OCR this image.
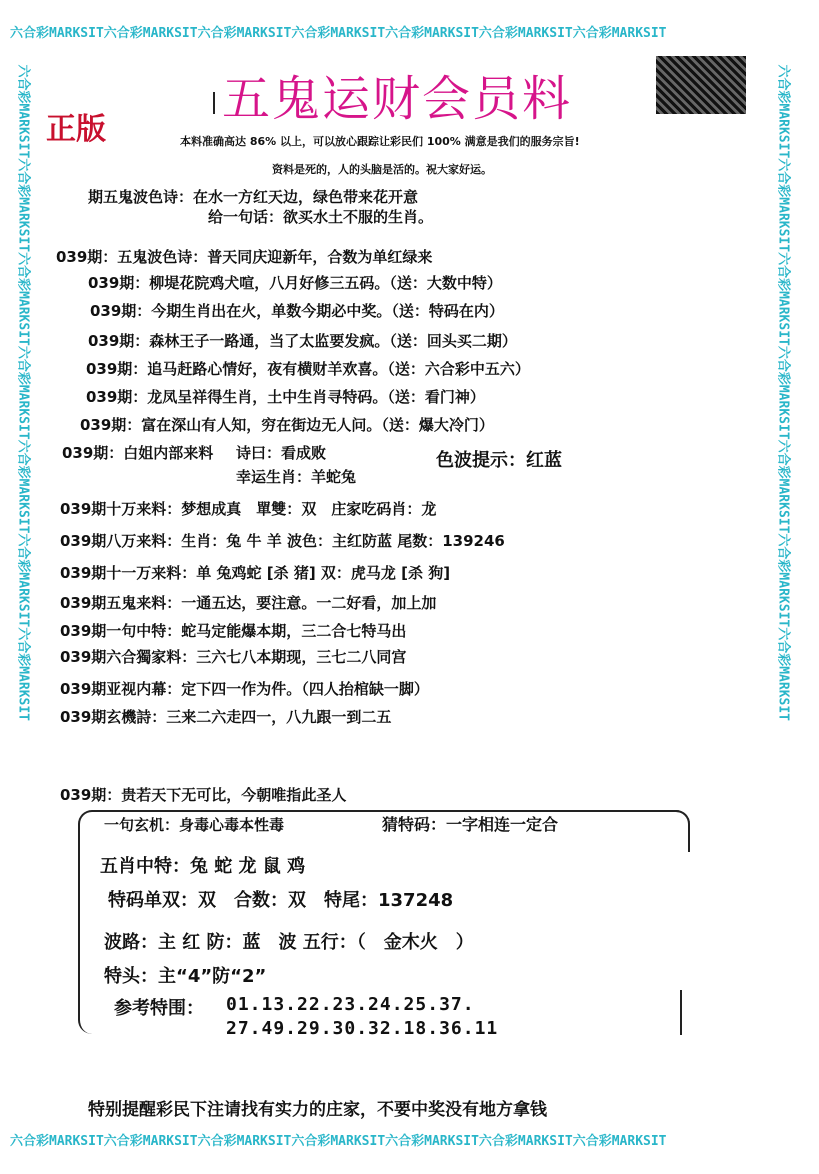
六合彩MARKSIT六合彩MARKSIT六合彩MARKSIT六合彩MARKSIT六合彩MARKSIT六合彩MARKSIT六合彩MARKSIT
六合彩MARKSIT六合彩MARKSIT六合彩MARKSIT六合彩MARKSIT六合彩MARKSIT六合彩MARKSIT六合彩MARKSIT
六合彩MARKSIT六合彩MARKSIT六合彩MARKSIT六合彩MARKSIT六合彩MARKSIT六合彩MARKSIT六合彩MARKSIT	六合彩MARKSIT六合彩MARKSIT六合彩MARKSIT六合彩MARKSIT六合彩MARKSIT六合彩MARKSIT六合彩MARKSIT
五鬼运财会员料
正版	本料准确高达 86% 以上，可以放心跟踪让彩民们 100% 满意是我们的服务宗旨!
资料是死的，人的头脑是活的。祝大家好运。
期五鬼波色诗：在水一方红天边，绿色带来花开意
给一句话：欲买水土不服的生肖。
039期：五鬼波色诗：普天同庆迎新年，合数为单红绿来
039期：柳堤花院鸡犬喧，八月好修三五码。（送：大数中特）
039期：今期生肖出在火，单数今期必中奖。（送：特码在内）
039期：森林王子一路通，当了太监要发疯。（送：回头买二期）
039期：追马赶路心情好，夜有横财羊欢喜。（送：六合彩中五六）
039期：龙凤呈祥得生肖，土中生肖寻特码。（送：看门神）
039期：富在深山有人知，穷在街边无人问。（送：爆大冷门）
039期：白姐内部来料 诗曰：看成败
幸运生肖：羊蛇兔
色波提示：红蓝
039期十万来料：梦想成真　單雙：双　庄家吃码肖：龙
039期八万来料：生肖：兔 牛 羊 波色：主红防蓝 尾数：139246
039期十一万来料：单 兔鸡蛇 [杀 猪] 双：虎马龙 [杀 狗]
039期五鬼来料：一通五达，要注意。一二好看，加上加
039期一句中特：蛇马定能爆本期，三二合七特马出
039期六合獨家料：三六七八本期现，三七二八同宫
039期亚视内幕：定下四一作为件。（四人抬棺缺一脚）
039期玄機詩：三来二六走四一，八九跟一到二五
039期：贵若天下无可比，今朝唯指此圣人
一句玄机：身毒心毒本性毒	猜特码：一字相连一定合
五肖中特：兔 蛇 龙 鼠 鸡
特码单双：双　合数：双　特尾：137248
波路：主 红 防：蓝　波 五行：（　金木火　）
特头：主“4”防“2”
参考特围： 01.13.22.23.24.25.37.
27.49.29.30.32.18.36.11
特别提醒彩民下注请找有实力的庄家，不要中奖没有地方拿钱
